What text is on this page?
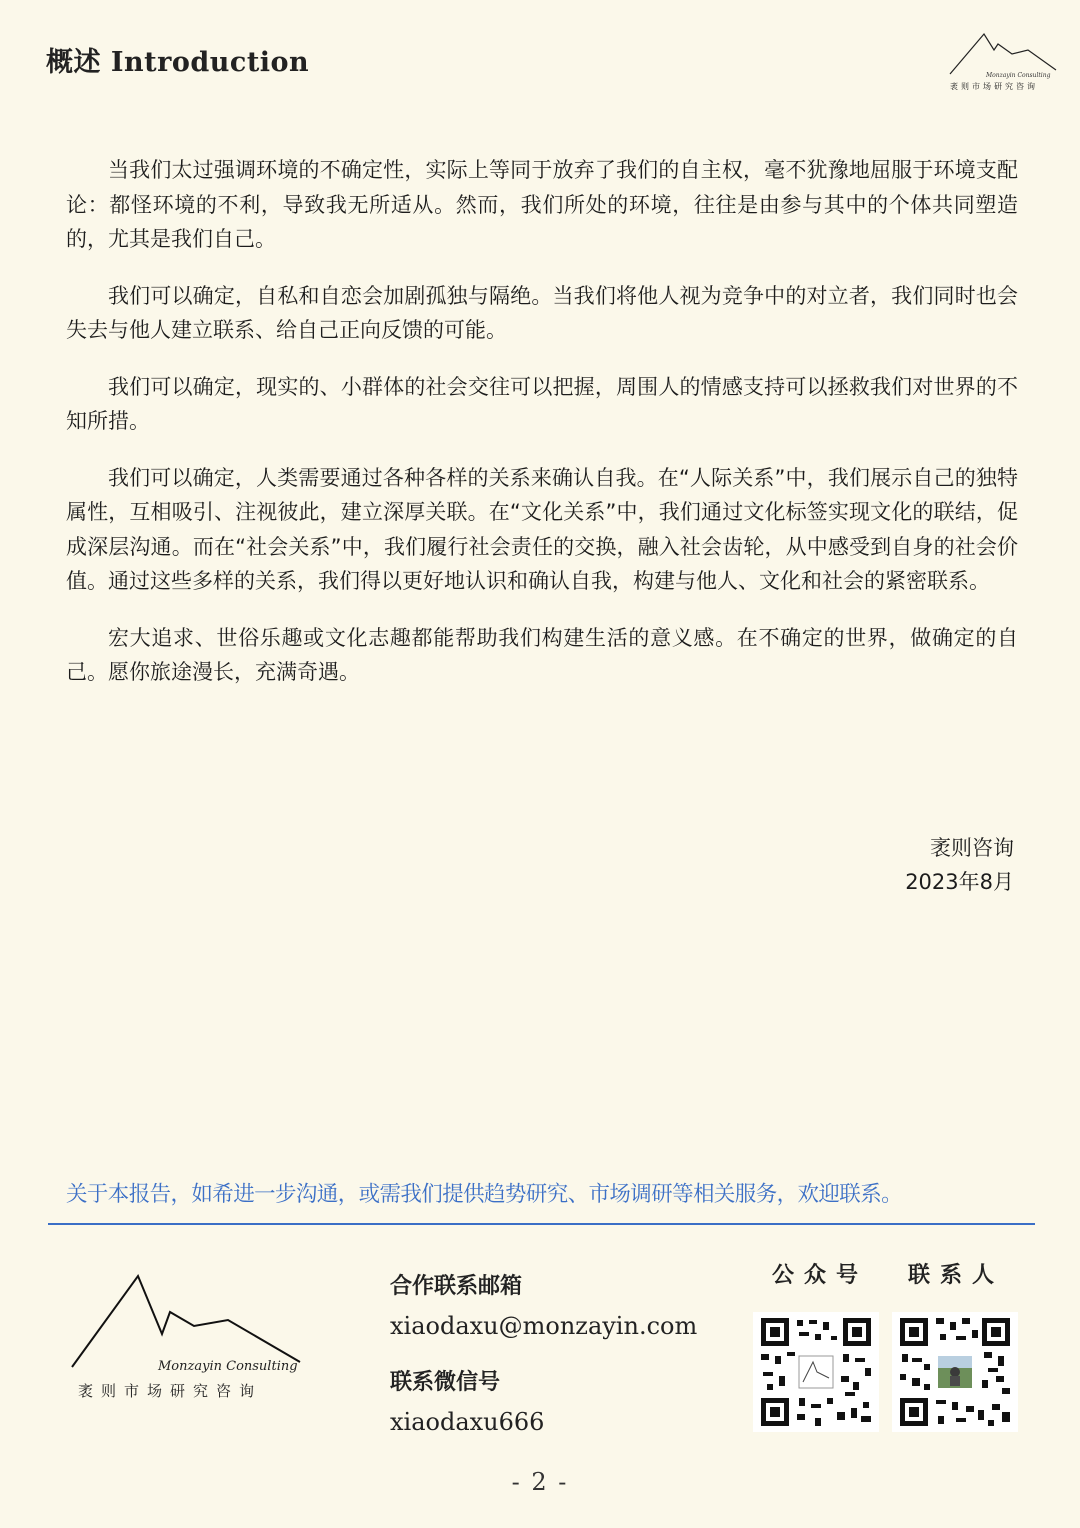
概述 Introduction	Monzayin Consulting
袤则市场研究咨询

当我们太过强调环境的不确定性，实际上等同于放弃了我们的自主权，毫不犹豫地屈服于环境支配论：都怪环境的不利，导致我无所适从。然而，我们所处的环境，往往是由参与其中的个体共同塑造的，尤其是我们自己。

我们可以确定，自私和自恋会加剧孤独与隔绝。当我们将他人视为竞争中的对立者，我们同时也会失去与他人建立联系、给自己正向反馈的可能。

我们可以确定，现实的、小群体的社会交往可以把握，周围人的情感支持可以拯救我们对世界的不知所措。

我们可以确定，人类需要通过各种各样的关系来确认自我。在“人际关系”中，我们展示自己的独特属性，互相吸引、注视彼此，建立深厚关联。在“文化关系”中，我们通过文化标签实现文化的联结，促成深层沟通。而在“社会关系”中，我们履行社会责任的交换，融入社会齿轮，从中感受到自身的社会价值。通过这些多样的关系，我们得以更好地认识和确认自我，构建与他人、文化和社会的紧密联系。

宏大追求、世俗乐趣或文化志趣都能帮助我们构建生活的意义感。在不确定的世界，做确定的自己。愿你旅途漫长，充满奇遇。

袤则咨询
2023年8月
关于本报告，如希进一步沟通，或需我们提供趋势研究、市场调研等相关服务，欢迎联系。
Monzayin Consulting
袤则市场研究咨询
合作联系邮箱
xiaodaxu@monzayin.com
联系微信号
xiaodaxu666
公众号 联系人
- 2 -
